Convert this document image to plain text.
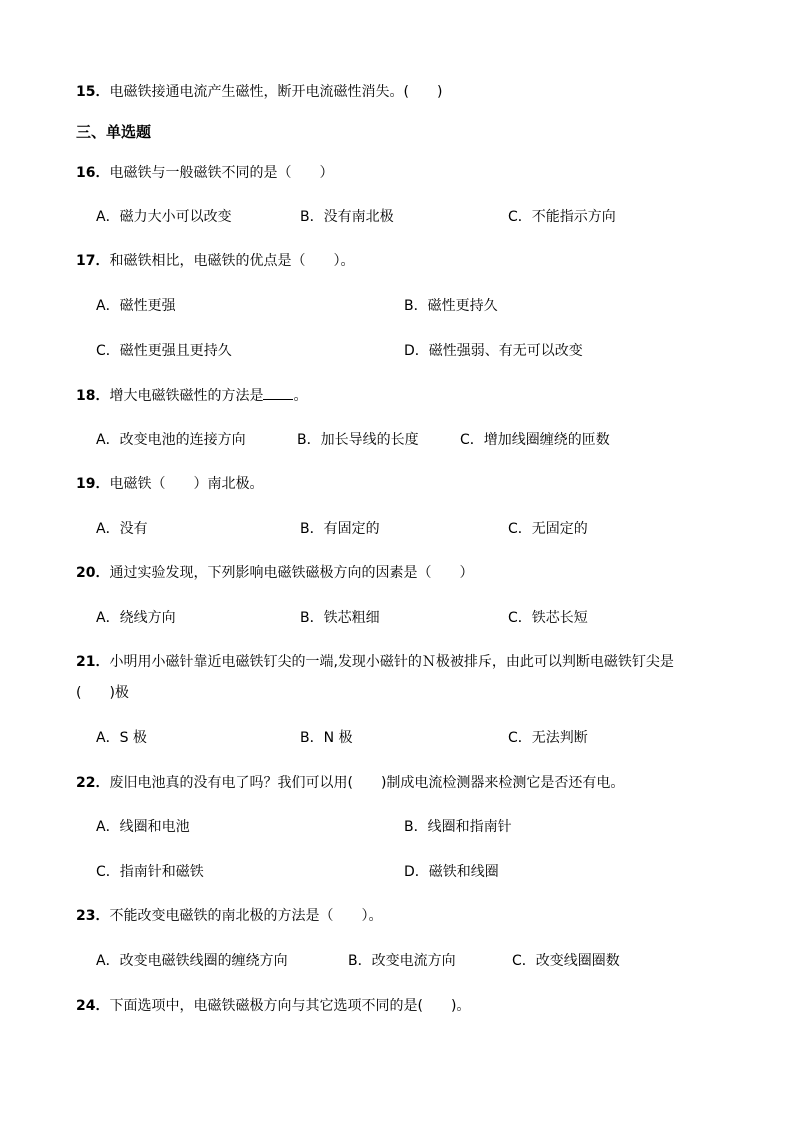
15．电磁铁接通电流产生磁性，断开电流磁性消失。(　　)
三、单选题
16．电磁铁与一般磁铁不同的是（　　）
A．磁力大小可以改变	B．没有南北极	C．不能指示方向
17．和磁铁相比，电磁铁的优点是（　　）。
A．磁性更强	B．磁性更持久
C．磁性更强且更持久	D．磁性强弱、有无可以改变
18．增大电磁铁磁性的方法是 。
A．改变电池的连接方向	B．加长导线的长度	C．增加线圈缠绕的匝数
19．电磁铁（　　）南北极。
A．没有	B．有固定的	C．无固定的
20．通过实验发现，下列影响电磁铁磁极方向的因素是（　　）
A．绕线方向	B．铁芯粗细	C．铁芯长短
21．小明用小磁针靠近电磁铁钉尖的一端,发现小磁针的Ｎ极被排斥，由此可以判断电磁铁钉尖是
(　　)极
A．S 极	B．N 极	C．无法判断
22．废旧电池真的没有电了吗？我们可以用(　　)制成电流检测器来检测它是否还有电。
A．线圈和电池	B．线圈和指南针
C．指南针和磁铁	D．磁铁和线圈
23．不能改变电磁铁的南北极的方法是（　　）。
A．改变电磁铁线圈的缠绕方向	B．改变电流方向	C．改变线圈圈数
24．下面选项中，电磁铁磁极方向与其它选项不同的是(　　)。
